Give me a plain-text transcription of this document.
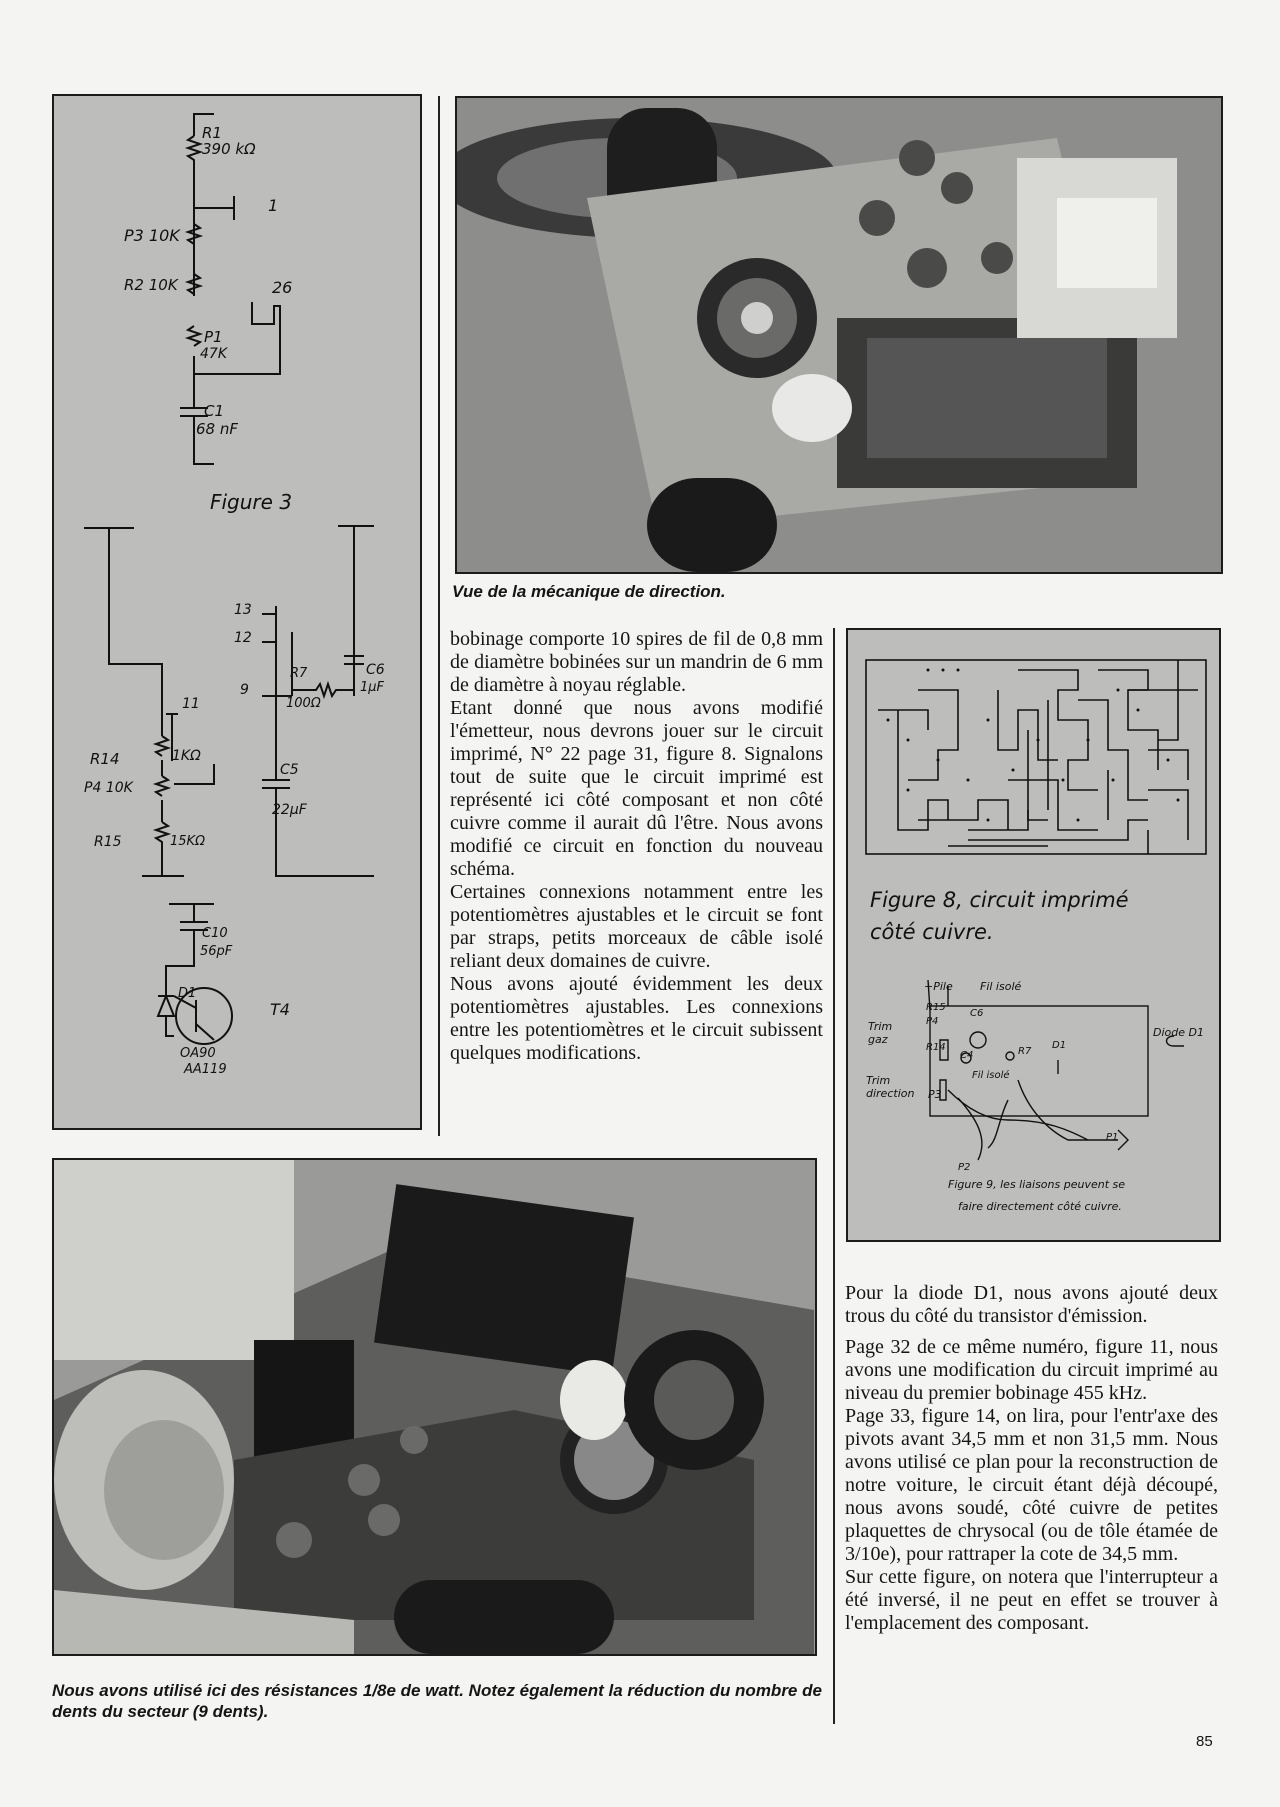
R1
390 kΩ
1
P3 10K
R2 10K	26
P1
47K
C1
68 nF
Figure 3
13
12
9
R7
100Ω
C6
1μF
11
R14	1KΩ
P4 10K
R15	15KΩ
C5
22μF
C10
56pF
D1
T4
OA90
AA119
Vue de la mécanique de direction.

bobinage comporte 10 spires de fil de 0,8 mm de diamètre bobinées sur un mandrin de 6 mm de diamètre à noyau réglable.

Etant donné que nous avons modifié l'émetteur, nous devrons jouer sur le circuit imprimé, N° 22 page 31, figure 8. Signalons tout de suite que le circuit imprimé est représenté ici côté composant et non côté cuivre comme il aurait dû l'être. Nous avons modifié ce circuit en fonction du nouveau schéma.

Certaines connexions notamment entre les potentiomètres ajustables et le circuit se font par straps, petits morceaux de câble isolé reliant deux domaines de cuivre.

Nous avons ajouté évidemment les deux potentiomètres ajustables. Les connexions entre les potentiomètres et le circuit subissent quelques modifications.

Figure 8, circuit imprimé
côté cuivre.
+Pile Fil isolé
R15
P4
R14
C6
C4	R7
D1
Trim gaz
Fil isolé
Trim direction P3
P1
P2
Diode D1
Figure 9, les liaisons peuvent se
faire directement côté cuivre.

Pour la diode D1, nous avons ajouté deux trous du côté du transistor d'émission.

Page 32 de ce même numéro, figure 11, nous avons une modification du circuit imprimé au niveau du premier bobinage 455 kHz.

Page 33, figure 14, on lira, pour l'entr'axe des pivots avant 34,5 mm et non 31,5 mm. Nous avons utilisé ce plan pour la reconstruction de notre voiture, le circuit étant déjà découpé, nous avons soudé, côté cuivre de petites plaquettes de chrysocal (ou de tôle étamée de 3/10e), pour rattraper la cote de 34,5 mm.

Sur cette figure, on notera que l'interrupteur a été inversé, il ne peut en effet se trouver à l'emplacement des composant.

Nous avons utilisé ici des résistances 1/8e de watt. Notez également la réduction du nombre de dents du secteur (9 dents).
85
